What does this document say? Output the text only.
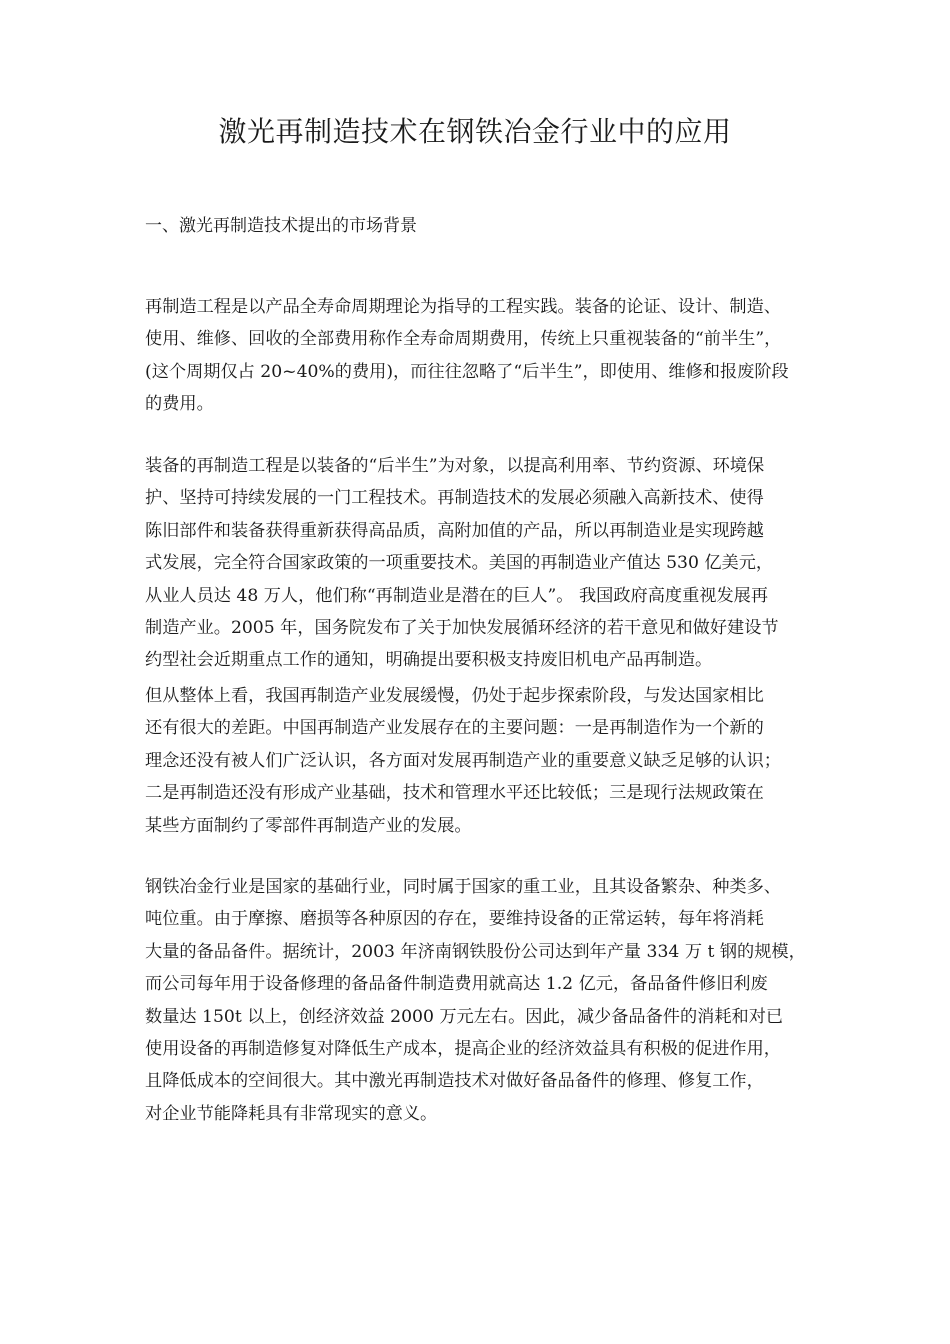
激光再制造技术在钢铁冶金行业中的应用
一、激光再制造技术提出的市场背景
再制造工程是以产品全寿命周期理论为指导的工程实践。装备的论证、设计、制造、
使用、维修、回收的全部费用称作全寿命周期费用，传统上只重视装备的“前半生”，
(这个周期仅占 20~40%的费用)，而往往忽略了“后半生”，即使用、维修和报废阶段
的费用。
装备的再制造工程是以装备的“后半生”为对象，以提高利用率、节约资源、环境保
护、坚持可持续发展的一门工程技术。再制造技术的发展必须融入高新技术、使得
陈旧部件和装备获得重新获得高品质，高附加值的产品，所以再制造业是实现跨越
式发展，完全符合国家政策的一项重要技术。美国的再制造业产值达 530 亿美元，
从业人员达 48 万人，他们称“再制造业是潜在的巨人”。 我国政府高度重视发展再
制造产业。2005 年，国务院发布了关于加快发展循环经济的若干意见和做好建设节
约型社会近期重点工作的通知，明确提出要积极支持废旧机电产品再制造。
但从整体上看，我国再制造产业发展缓慢，仍处于起步探索阶段，与发达国家相比
还有很大的差距。中国再制造产业发展存在的主要问题：一是再制造作为一个新的
理念还没有被人们广泛认识，各方面对发展再制造产业的重要意义缺乏足够的认识；
二是再制造还没有形成产业基础，技术和管理水平还比较低；三是现行法规政策在
某些方面制约了零部件再制造产业的发展。
钢铁冶金行业是国家的基础行业，同时属于国家的重工业，且其设备繁杂、种类多、
吨位重。由于摩擦、磨损等各种原因的存在，要维持设备的正常运转，每年将消耗
大量的备品备件。据统计，2003 年济南钢铁股份公司达到年产量 334 万 t 钢的规模，
而公司每年用于设备修理的备品备件制造费用就高达 1.2 亿元，备品备件修旧利废
数量达 150t 以上，创经济效益 2000 万元左右。因此，减少备品备件的消耗和对已
使用设备的再制造修复对降低生产成本，提高企业的经济效益具有积极的促进作用，
且降低成本的空间很大。其中激光再制造技术对做好备品备件的修理、修复工作，
对企业节能降耗具有非常现实的意义。
